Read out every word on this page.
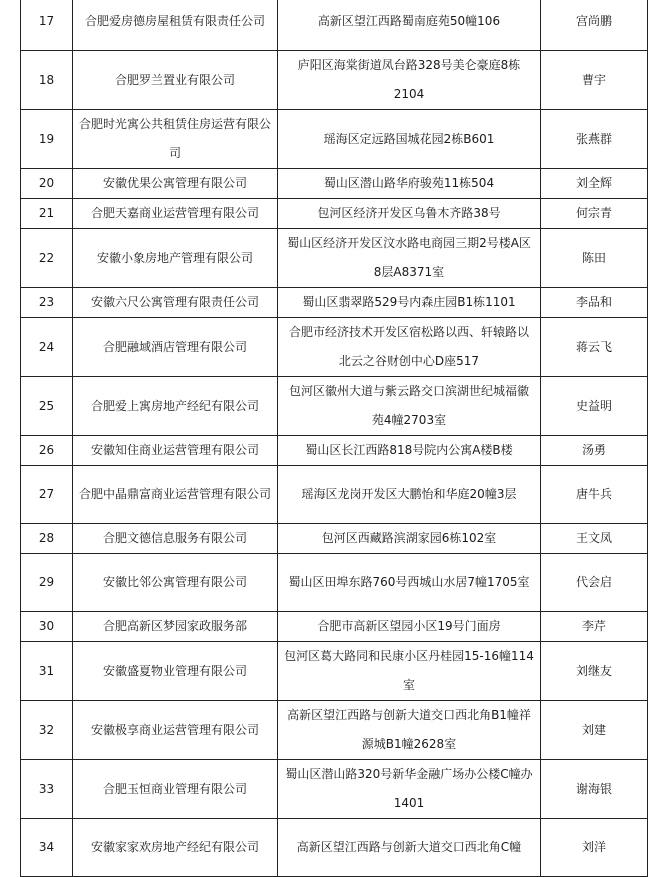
17	合肥爱房德房屋租赁有限责任公司	高新区望江西路蜀南庭苑50幢106	宫尚鹏
18	合肥罗兰置业有限公司	庐阳区海棠街道凤台路328号美仑豪庭8栋2104	曹宇
19	合肥时光寓公共租赁住房运营有限公司	瑶海区定远路国城花园2栋B601	张燕群
20	安徽优果公寓管理有限公司	蜀山区潜山路华府骏苑11栋504	刘全辉
21	合肥天嘉商业运营管理有限公司	包河区经济开发区乌鲁木齐路38号	何宗青
22	安徽小象房地产管理有限公司	蜀山区经济开发区汶水路电商园三期2号楼A区8层A8371室	陈田
23	安徽六尺公寓管理有限责任公司	蜀山区翡翠路529号内森庄园B1栋1101	李品和
24	合肥融域酒店管理有限公司	合肥市经济技术开发区宿松路以西、轩辕路以北云之谷财创中心D座517	蒋云飞
25	合肥爱上寓房地产经纪有限公司	包河区徽州大道与紫云路交口滨湖世纪城福徽苑4幢2703室	史益明
26	安徽知住商业运营管理有限公司	蜀山区长江西路818号院内公寓A楼B楼	汤勇
27	合肥中晶鼎富商业运营管理有限公司	瑶海区龙岗开发区大鹏怡和华庭20幢3层	唐牛兵
28	合肥文德信息服务有限公司	包河区西藏路滨湖家园6栋102室	王文凤
29	安徽比邻公寓管理有限公司	蜀山区田埠东路760号西城山水居7幢1705室	代会启
30	合肥高新区梦园家政服务部	合肥市高新区望园小区19号门面房	李芹
31	安徽盛夏物业管理有限公司	包河区葛大路同和民康小区丹桂园15-16幢114室	刘继友
32	安徽极享商业运营管理有限公司	高新区望江西路与创新大道交口西北角B1幢祥源城B1幢2628室	刘建
33	合肥玉恒商业管理有限公司	蜀山区潜山路320号新华金融广场办公楼C幢办1401	谢海银
34	安徽家家欢房地产经纪有限公司	高新区望江西路与创新大道交口西北角C幢	刘洋
